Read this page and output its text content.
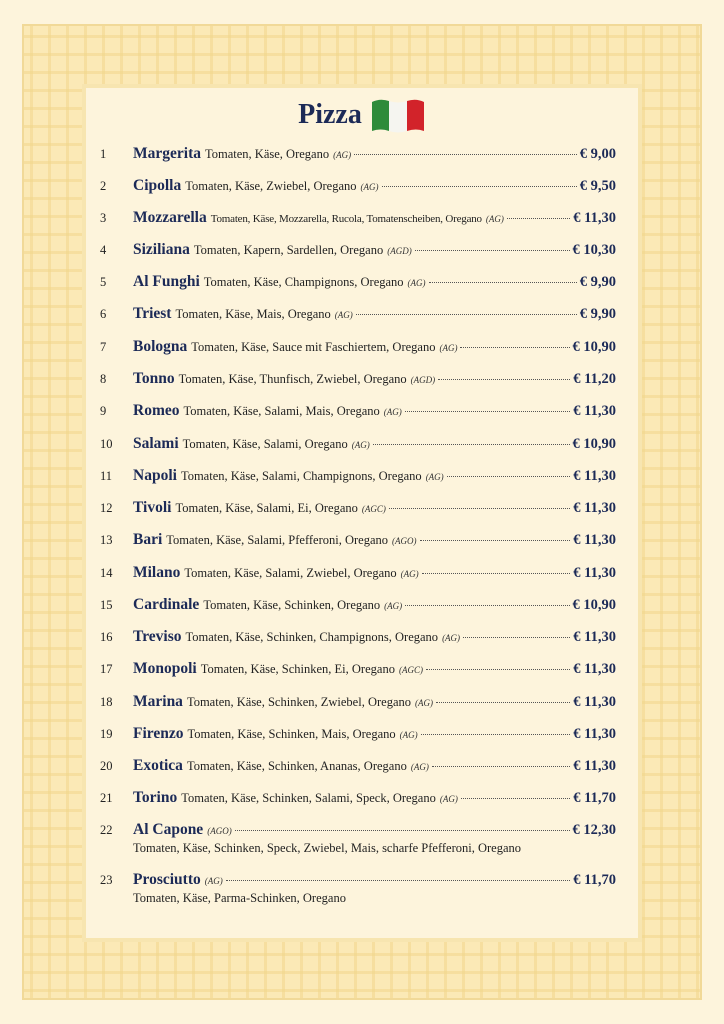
Pizza
1	Margerita Tomaten, Käse, Oregano (AG)	€ 9,00
2	Cipolla Tomaten, Käse, Zwiebel, Oregano (AG)	€ 9,50
3	Mozzarella Tomaten, Käse, Mozzarella, Rucola, Tomatenscheiben, Oregano (AG)	€ 11,30
4	Siziliana Tomaten, Kapern, Sardellen, Oregano (AGD)	€ 10,30
5	Al Funghi Tomaten, Käse, Champignons, Oregano (AG)	€ 9,90
6	Triest Tomaten, Käse, Mais, Oregano (AG)	€ 9,90
7	Bologna Tomaten, Käse, Sauce mit Faschiertem, Oregano (AG)	€ 10,90
8	Tonno Tomaten, Käse, Thunfisch, Zwiebel, Oregano (AGD)	€ 11,20
9	Romeo Tomaten, Käse, Salami, Mais, Oregano (AG)	€ 11,30
10	Salami Tomaten, Käse, Salami, Oregano (AG)	€ 10,90
11	Napoli Tomaten, Käse, Salami, Champignons, Oregano (AG)	€ 11,30
12	Tivoli Tomaten, Käse, Salami, Ei, Oregano (AGC)	€ 11,30
13	Bari Tomaten, Käse, Salami, Pfefferoni, Oregano (AGO)	€ 11,30
14	Milano Tomaten, Käse, Salami, Zwiebel, Oregano (AG)	€ 11,30
15	Cardinale Tomaten, Käse, Schinken, Oregano (AG)	€ 10,90
16	Treviso Tomaten, Käse, Schinken, Champignons, Oregano (AG)	€ 11,30
17	Monopoli Tomaten, Käse, Schinken, Ei, Oregano (AGC)	€ 11,30
18	Marina Tomaten, Käse, Schinken, Zwiebel, Oregano (AG)	€ 11,30
19	Firenzo Tomaten, Käse, Schinken, Mais, Oregano (AG)	€ 11,30
20	Exotica Tomaten, Käse, Schinken, Ananas, Oregano (AG)	€ 11,30
21	Torino Tomaten, Käse, Schinken, Salami, Speck, Oregano (AG)	€ 11,70
22	Al Capone (AGO)	€ 12,30
Tomaten, Käse, Schinken, Speck, Zwiebel, Mais, scharfe Pfefferoni, Oregano
23	Prosciutto (AG)	€ 11,70
Tomaten, Käse, Parma-Schinken, Oregano
